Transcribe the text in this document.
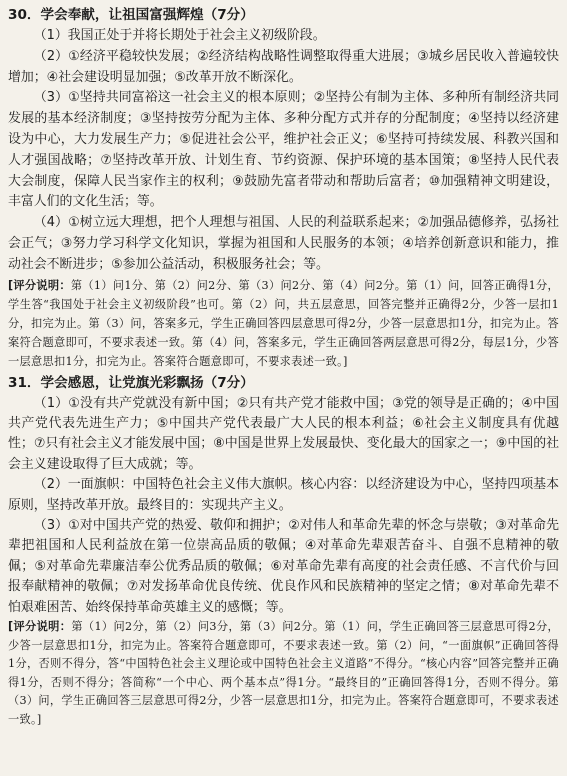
30．学会奉献，让祖国富强辉煌（7分）

（1）我国正处于并将长期处于社会主义初级阶段。

（2）①经济平稳较快发展；②经济结构战略性调整取得重大进展；③城乡居民收入普遍较快增加；④社会建设明显加强；⑤改革开放不断深化。

（3）①坚持共同富裕这一社会主义的根本原则；②坚持公有制为主体、多种所有制经济共同发展的基本经济制度；③坚持按劳分配为主体、多种分配方式并存的分配制度；④坚持以经济建设为中心，大力发展生产力；⑤促进社会公平，维护社会正义；⑥坚持可持续发展、科教兴国和人才强国战略；⑦坚持改革开放、计划生育、节约资源、保护环境的基本国策；⑧坚持人民代表大会制度，保障人民当家作主的权利；⑨鼓励先富者带动和帮助后富者；⑩加强精神文明建设，丰富人们的文化生活；等。

（4）①树立远大理想，把个人理想与祖国、人民的利益联系起来；②加强品德修养，弘扬社会正气；③努力学习科学文化知识，掌握为祖国和人民服务的本领；④培养创新意识和能力，推动社会不断进步；⑤参加公益活动，积极服务社会；等。

[评分说明：第（1）问1分、第（2）问2分、第（3）问2分、第（4）问2分。第（1）问，回答正确得1分，学生答“我国处于社会主义初级阶段”也可。第（2）问，共五层意思，回答完整并正确得2分，少答一层扣1分，扣完为止。第（3）问，答案多元，学生正确回答四层意思可得2分，少答一层意思扣1分，扣完为止。答案符合题意即可，不要求表述一致。第（4）问，答案多元，学生正确回答两层意思可得2分，每层1分，少答一层意思扣1分，扣完为止。答案符合题意即可，不要求表述一致。]

31．学会感恩，让党旗光彩飘扬（7分）

（1）①没有共产党就没有新中国；②只有共产党才能救中国；③党的领导是正确的；④中国共产党代表先进生产力；⑤中国共产党代表最广大人民的根本利益；⑥社会主义制度具有优越性；⑦只有社会主义才能发展中国；⑧中国是世界上发展最快、变化最大的国家之一；⑨中国的社会主义建设取得了巨大成就；等。

（2）一面旗帜：中国特色社会主义伟大旗帜。核心内容：以经济建设为中心，坚持四项基本原则，坚持改革开放。最终目的：实现共产主义。

（3）①对中国共产党的热爱、敬仰和拥护；②对伟人和革命先辈的怀念与崇敬；③对革命先辈把祖国和人民利益放在第一位崇高品质的敬佩；④对革命先辈艰苦奋斗、自强不息精神的敬佩；⑤对革命先辈廉洁奉公优秀品质的敬佩；⑥对革命先辈有高度的社会责任感、不言代价与回报奉献精神的敬佩；⑦对发扬革命优良传统、优良作风和民族精神的坚定之情；⑧对革命先辈不怕艰难困苦、始终保持革命英雄主义的感慨；等。

[评分说明：第（1）问2分，第（2）问3分，第（3）问2分。第（1）问，学生正确回答三层意思可得2分，少答一层意思扣1分，扣完为止。答案符合题意即可，不要求表述一致。第（2）问，“一面旗帜”正确回答得1分，否则不得分，答“中国特色社会主义理论或中国特色社会主义道路”不得分。“核心内容”回答完整并正确得1分，否则不得分；答简称“一个中心、两个基本点”得1分。“最终目的”正确回答得1分，否则不得分。第（3）问，学生正确回答三层意思可得2分，少答一层意思扣1分，扣完为止。答案符合题意即可，不要求表述一致。]
